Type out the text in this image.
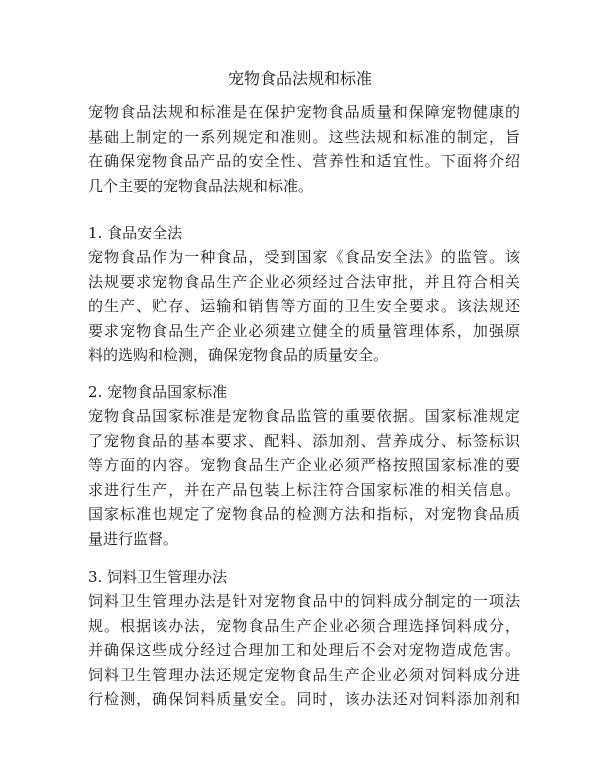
宠物食品法规和标准
宠物食品法规和标准是在保护宠物食品质量和保障宠物健康的
基础上制定的一系列规定和准则。这些法规和标准的制定，旨
在确保宠物食品产品的安全性、营养性和适宜性。下面将介绍
几个主要的宠物食品法规和标准。
1. 食品安全法
宠物食品作为一种食品，受到国家《食品安全法》的监管。该
法规要求宠物食品生产企业必须经过合法审批，并且符合相关
的生产、贮存、运输和销售等方面的卫生安全要求。该法规还
要求宠物食品生产企业必须建立健全的质量管理体系，加强原
料的选购和检测，确保宠物食品的质量安全。
2. 宠物食品国家标准
宠物食品国家标准是宠物食品监管的重要依据。国家标准规定
了宠物食品的基本要求、配料、添加剂、营养成分、标签标识
等方面的内容。宠物食品生产企业必须严格按照国家标准的要
求进行生产，并在产品包装上标注符合国家标准的相关信息。
国家标准也规定了宠物食品的检测方法和指标，对宠物食品质
量进行监督。
3. 饲料卫生管理办法
饲料卫生管理办法是针对宠物食品中的饲料成分制定的一项法
规。根据该办法，宠物食品生产企业必须合理选择饲料成分，
并确保这些成分经过合理加工和处理后不会对宠物造成危害。
饲料卫生管理办法还规定宠物食品生产企业必须对饲料成分进
行检测，确保饲料质量安全。同时，该办法还对饲料添加剂和
